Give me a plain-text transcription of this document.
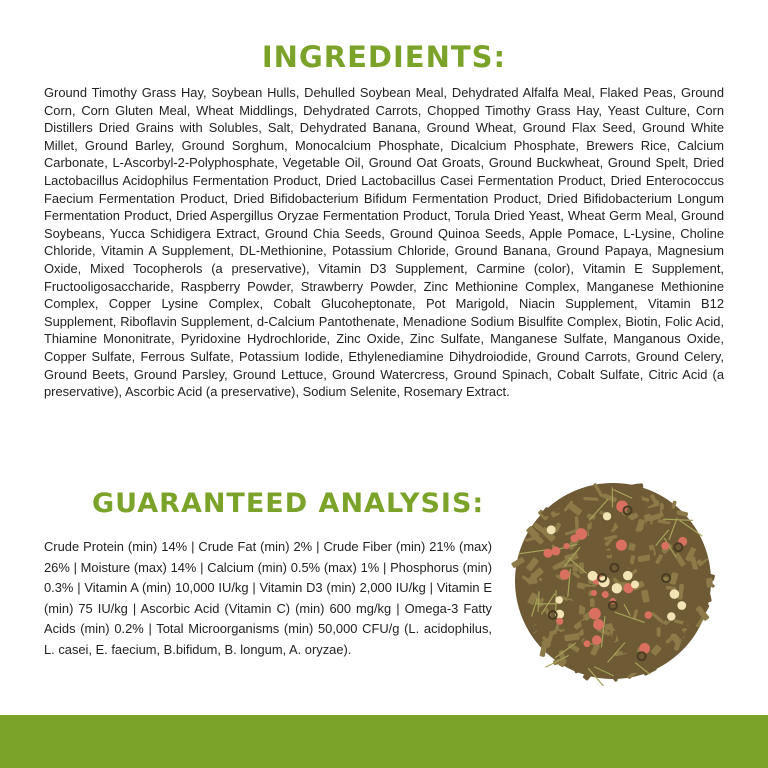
INGREDIENTS:
Ground Timothy Grass Hay, Soybean Hulls, Dehulled Soybean Meal, Dehydrated Alfalfa Meal, Flaked Peas, Ground Corn, Corn Gluten Meal, Wheat Middlings, Dehydrated Carrots, Chopped Timothy Grass Hay, Yeast Culture, Corn Distillers Dried Grains with Solubles, Salt, Dehydrated Banana, Ground Wheat, Ground Flax Seed, Ground White Millet, Ground Barley, Ground Sorghum, Monocalcium Phosphate, Dicalcium Phosphate, Brewers Rice, Calcium Carbonate, L-Ascorbyl-2-Polyphosphate, Vegetable Oil, Ground Oat Groats, Ground Buckwheat, Ground Spelt, Dried Lactobacillus Acidophilus Fermentation Product, Dried Lactobacillus Casei Fermentation Product, Dried Enterococcus Faecium Fermentation Product, Dried Bifidobacterium Bifidum Fermentation Product, Dried Bifidobacterium Longum Fermentation Product, Dried Aspergillus Oryzae Fermentation Product, Torula Dried Yeast, Wheat Germ Meal, Ground Soybeans, Yucca Schidigera Extract, Ground Chia Seeds, Ground Quinoa Seeds, Apple Pomace, L-Lysine, Choline Chloride, Vitamin A Supplement, DL-Methionine, Potassium Chloride, Ground Banana, Ground Papaya, Magnesium Oxide, Mixed Tocopherols (a preservative), Vitamin D3 Supplement, Carmine (color), Vitamin E Supplement, Fructooligosaccharide, Raspberry Powder, Strawberry Powder, Zinc Methionine Complex, Manganese Methionine Complex, Copper Lysine Complex, Cobalt Glucoheptonate, Pot Marigold, Niacin Supplement, Vitamin B12 Supplement, Riboflavin Supplement, d-Calcium Pantothenate, Menadione Sodium Bisulfite Complex, Biotin, Folic Acid, Thiamine Mononitrate, Pyridoxine Hydrochloride, Zinc Oxide, Zinc Sulfate, Manganese Sulfate, Manganous Oxide, Copper Sulfate, Ferrous Sulfate, Potassium Iodide, Ethylenediamine Dihydroiodide, Ground Carrots, Ground Celery, Ground Beets, Ground Parsley, Ground Lettuce, Ground Watercress, Ground Spinach, Cobalt Sulfate, Citric Acid (a preservative), Ascorbic Acid (a preservative), Sodium Selenite, Rosemary Extract.
GUARANTEED ANALYSIS:
Crude Protein (min) 14% | Crude Fat (min) 2% | Crude Fiber (min) 21% (max) 26% | Moisture (max) 14% | Calcium (min) 0.5% (max) 1% | Phosphorus (min) 0.3% | Vitamin A (min) 10,000 IU/kg | Vitamin D3 (min) 2,000 IU/kg | Vitamin E (min) 75 IU/kg | Ascorbic Acid (Vitamin C) (min) 600 mg/kg | Omega-3 Fatty Acids (min) 0.2% | Total Microorganisms (min) 50,000 CFU/g (L. acidophilus, L. casei, E. faecium, B.bifidum, B. longum, A. oryzae).
